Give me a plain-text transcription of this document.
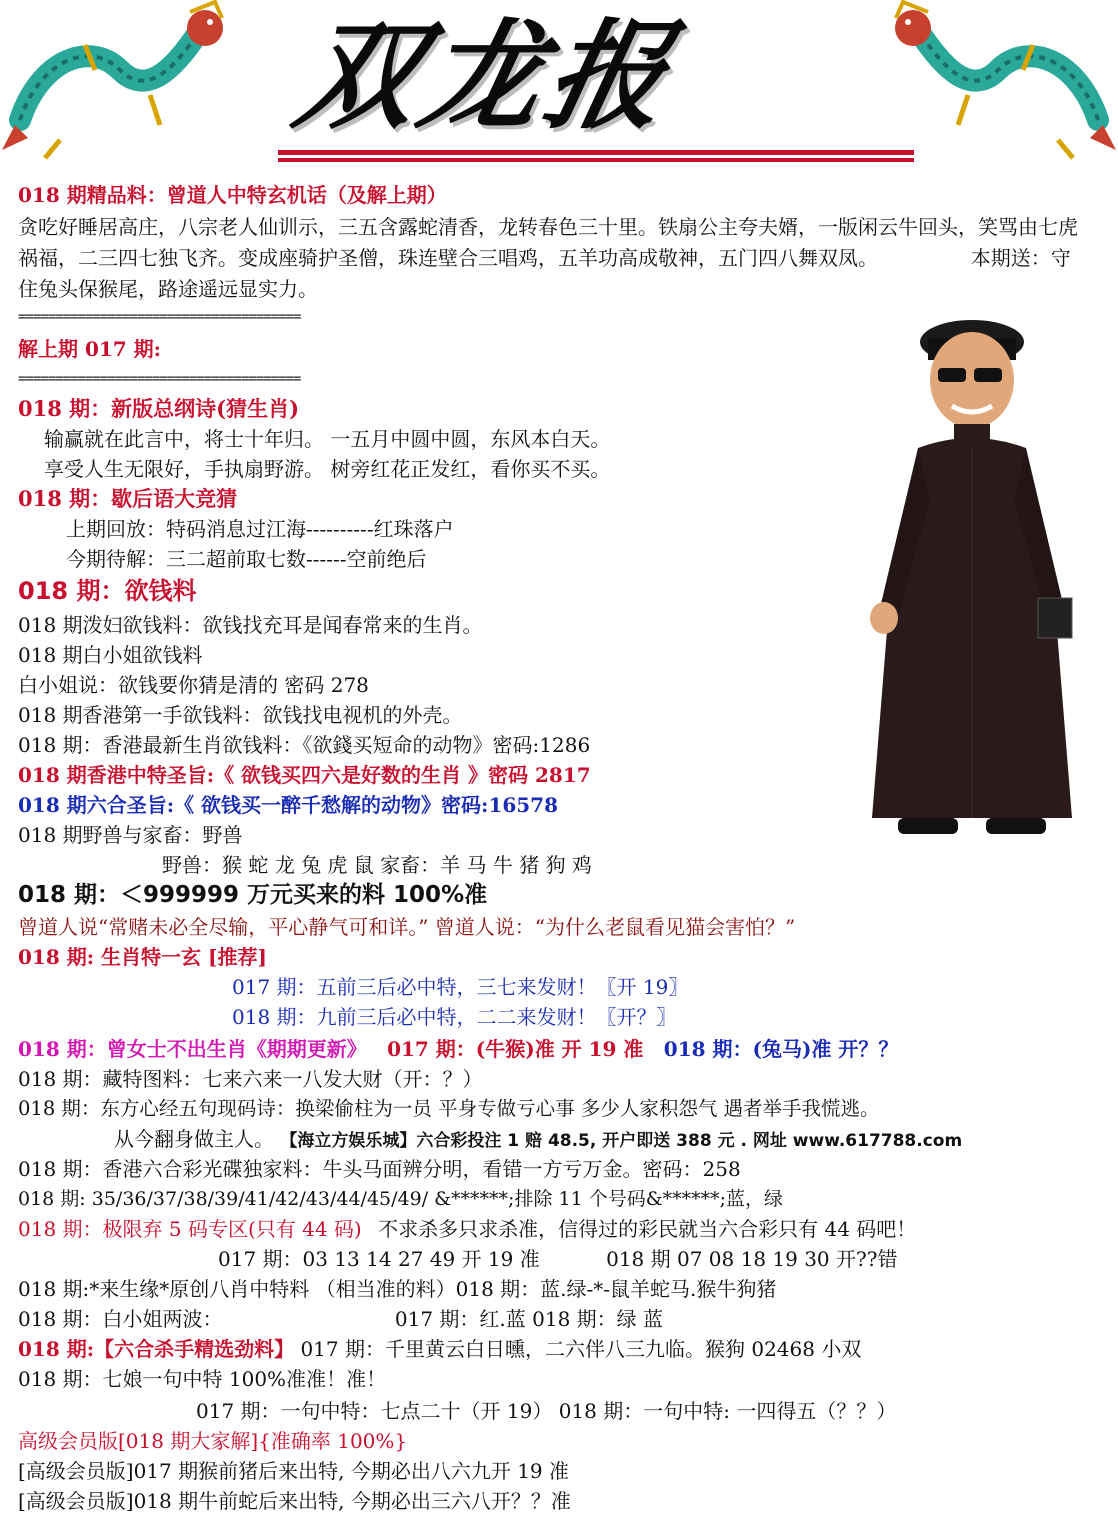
双龙报
018 期精品料：曾道人中特玄机话（及解上期）
贪吃好睡居高庄，八宗老人仙训示，三五含露蛇清香，龙转春色三十里。铁扇公主夸夫婿，一版闲云牛回头，笑骂由七虎祸福，二三四七独飞齐。变成座骑护圣僧，珠连壁合三唱鸡，五羊功高成敬神，五门四八舞双凤。	本期送：守住兔头保猴尾，路途遥远显实力。
======================================
解上期 017 期:
======================================
018 期：新版总纲诗(猜生肖)
输赢就在此言中，将士十年归。 一五月中圆中圆，东风本白天。
享受人生无限好，手执扇野游。 树旁红花正发红，看你买不买。
018 期：歇后语大竞猜
上期回放：特码消息过江海----------红珠落户
今期待解：三二超前取七数------空前绝后
018 期：欲钱料
018 期泼妇欲钱料：欲钱找充耳是闻春常来的生肖。
018 期白小姐欲钱料
白小姐说：欲钱要你猜是清的 密码 278
018 期香港第一手欲钱料：欲钱找电视机的外壳。
018 期：香港最新生肖欲钱料：《欲錢买短命的动物》密码:1286
018 期香港中特圣旨:《 欲钱买四六是好数的生肖 》密码 2817
018 期六合圣旨:《 欲钱买一醉千愁解的动物》密码:16578
018 期野兽与家畜：野兽
野兽：猴 蛇 龙 兔 虎 鼠 家畜：羊 马 牛 猪 狗 鸡
018 期：＜999999 万元买来的料 100%准
曾道人说“常赌未必全尽输，平心静气可和详。” 曾道人说：“为什么老鼠看见猫会害怕？”
018 期: 生肖特一玄 [推荐]
017 期：五前三后必中特，三七来发财！〖开 19〗
018 期：九前三后必中特，二二来发财！〖开？〗
018 期：曾女士不出生肖《期期更新》 017 期：(牛猴)准 开 19 准 018 期：(兔马)准 开？？
018 期：藏特图料：七来六来一八发大财（开：？）
018 期：东方心经五句现码诗：换梁偷柱为一员 平身专做亏心事 多少人家积怨气 遇者举手我慌逃。
从今翻身做主人。 【海立方娱乐城】六合彩投注 1 赔 48.5, 开户即送 388 元 . 网址 www.617788.com
018 期：香港六合彩光碟独家料：牛头马面辨分明，看错一方亏万金。密码：258
018 期: 35/36/37/38/39/41/42/43/44/45/49/ &******;排除 11 个号码&******;蓝，绿
018 期：极限弃 5 码专区(只有 44 码) 不求杀多只求杀准，信得过的彩民就当六合彩只有 44 码吧！
017 期：03 13 14 27 49 开 19 准	018 期 07 08 18 19 30 开??错
018 期:*来生缘*原创八肖中特料 （相当准的料）018 期：蓝.绿-*-鼠羊蛇马.猴牛狗猪
018 期：白小姐两波：	017 期：红.蓝 018 期：绿 蓝
018 期:【六合杀手精选劲料】 017 期：千里黄云白日曛，二六伴八三九临。猴狗 02468 小双
018 期：七娘一句中特 100%准准！准！
017 期：一句中特：七点二十（开 19） 018 期：一句中特: 一四得五（？？）
高级会员版[018 期大家解]{准确率 100%}
[高级会员版]017 期猴前猪后来出特, 今期必出八六九开 19 准
[高级会员版]018 期牛前蛇后来出特, 今期必出三六八开？？准
